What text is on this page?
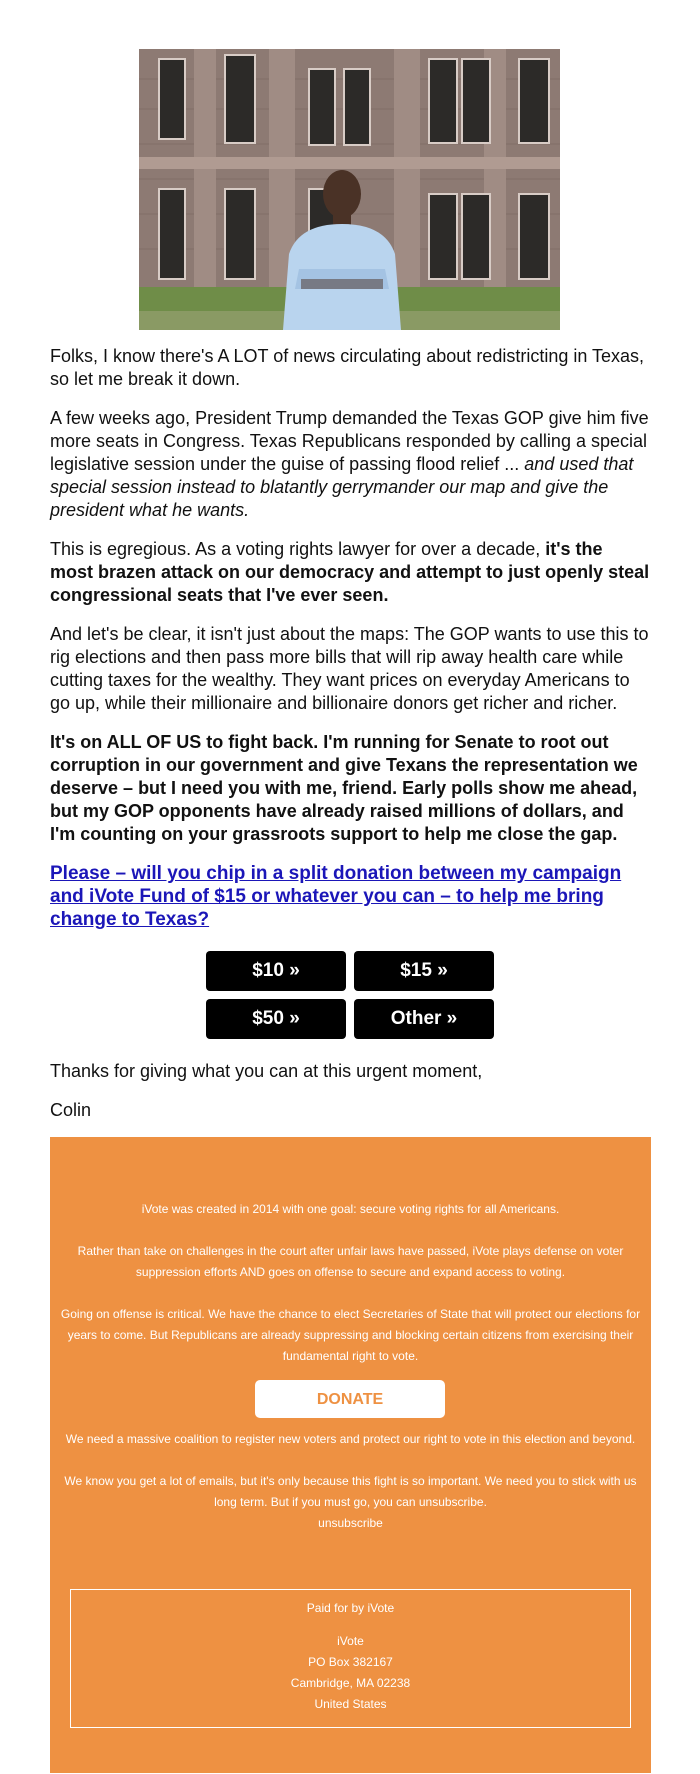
Folks, I know there's A LOT of news circulating about redistricting in Texas, so let me break it down.

A few weeks ago, President Trump demanded the Texas GOP give him five more seats in Congress. Texas Republicans responded by calling a special legislative session under the guise of passing flood relief ... and used that special session instead to blatantly gerrymander our map and give the president what he wants.

This is egregious. As a voting rights lawyer for over a decade, it's the most brazen attack on our democracy and attempt to just openly steal congressional seats that I've ever seen.

And let's be clear, it isn't just about the maps: The GOP wants to use this to rig elections and then pass more bills that will rip away health care while cutting taxes for the wealthy. They want prices on everyday Americans to go up, while their millionaire and billionaire donors get richer and richer.

It's on ALL OF US to fight back. I'm running for Senate to root out corruption in our government and give Texans the representation we deserve – but I need you with me, friend. Early polls show me ahead, but my GOP opponents have already raised millions of dollars, and I'm counting on your grassroots support to help me close the gap.

Please – will you chip in a split donation between my campaign and iVote Fund of $15 or whatever you can – to help me bring change to Texas?
$10 »	$15 »
$50 »	Other »
Thanks for giving what you can at this urgent moment,
Colin
iVote was created in 2014 with one goal: secure voting rights for all Americans.
Rather than take on challenges in the court after unfair laws have passed, iVote plays defense on voter suppression efforts AND goes on offense to secure and expand access to voting.
Going on offense is critical. We have the chance to elect Secretaries of State that will protect our elections for years to come. But Republicans are already suppressing and blocking certain citizens from exercising their fundamental right to vote.
DONATE
We need a massive coalition to register new voters and protect our right to vote in this election and beyond.
We know you get a lot of emails, but it's only because this fight is so important. We need you to stick with us long term. But if you must go, you can unsubscribe.
unsubscribe
Paid for by iVote
iVote
PO Box 382167
Cambridge, MA 02238
United States
